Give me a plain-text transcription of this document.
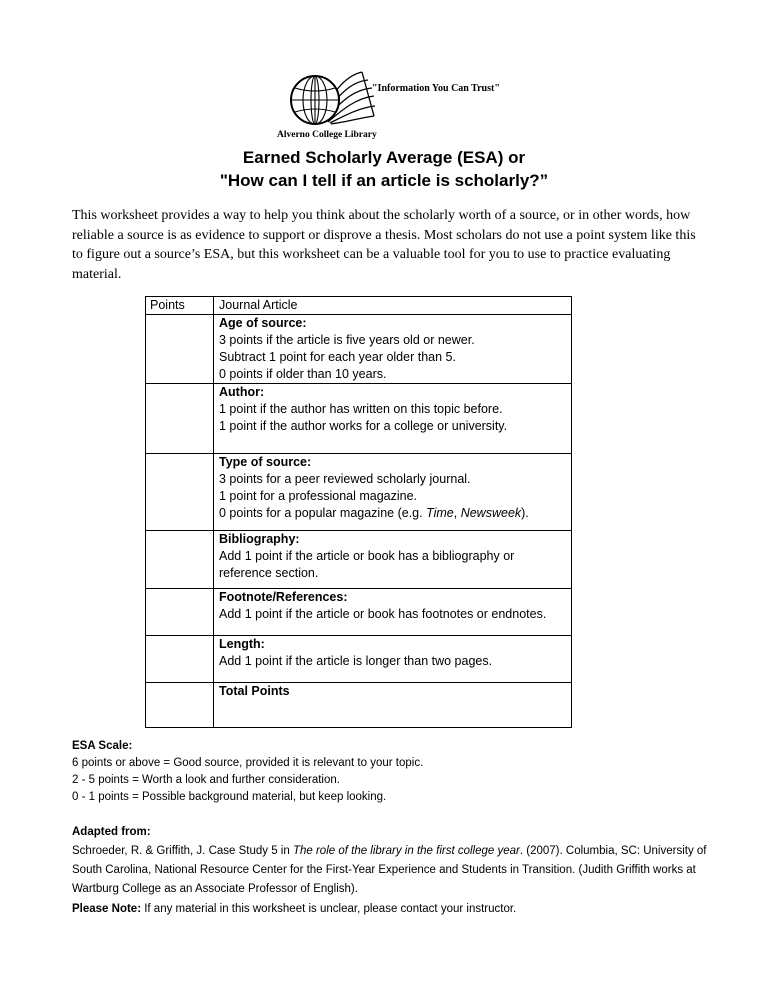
"Information You Can Trust"
Alverno College Library
Earned Scholarly Average (ESA) or
"How can I tell if an article is scholarly?”
This worksheet provides a way to help you think about the scholarly worth of a source, or in other words, how reliable a source is as evidence to support or disprove a thesis. Most scholars do not use a point system like this to figure out a source’s ESA, but this worksheet can be a valuable tool for you to use to practice evaluating material.
Points	Journal Article

	Age of source:
3 points if the article is five years old or newer.
Subtract 1 point for each year older than 5.
0 points if older than 10 years.

	Author:
1 point if the author has written on this topic before.
1 point if the author works for a college or university.

	Type of source:
3 points for a peer reviewed scholarly journal.
1 point for a professional magazine.
0 points for a popular magazine (e.g. Time, Newsweek).

	Bibliography:
Add 1 point if the article or book has a bibliography or
reference section.

	Footnote/References:
Add 1 point if the article or book has footnotes or endnotes.

	Length:
Add 1 point if the article is longer than two pages.

	Total Points
ESA Scale:
6 points or above = Good source, provided it is relevant to your topic.
2 - 5 points = Worth a look and further consideration.
0 - 1 points = Possible background material, but keep looking.
Adapted from:
Schroeder, R. & Griffith, J. Case Study 5 in The role of the library in the first college year. (2007). Columbia, SC: University of South Carolina, National Resource Center for the First-Year Experience and Students in Transition. (Judith Griffith works at Wartburg College as an Associate Professor of English).
Please Note: If any material in this worksheet is unclear, please contact your instructor.
